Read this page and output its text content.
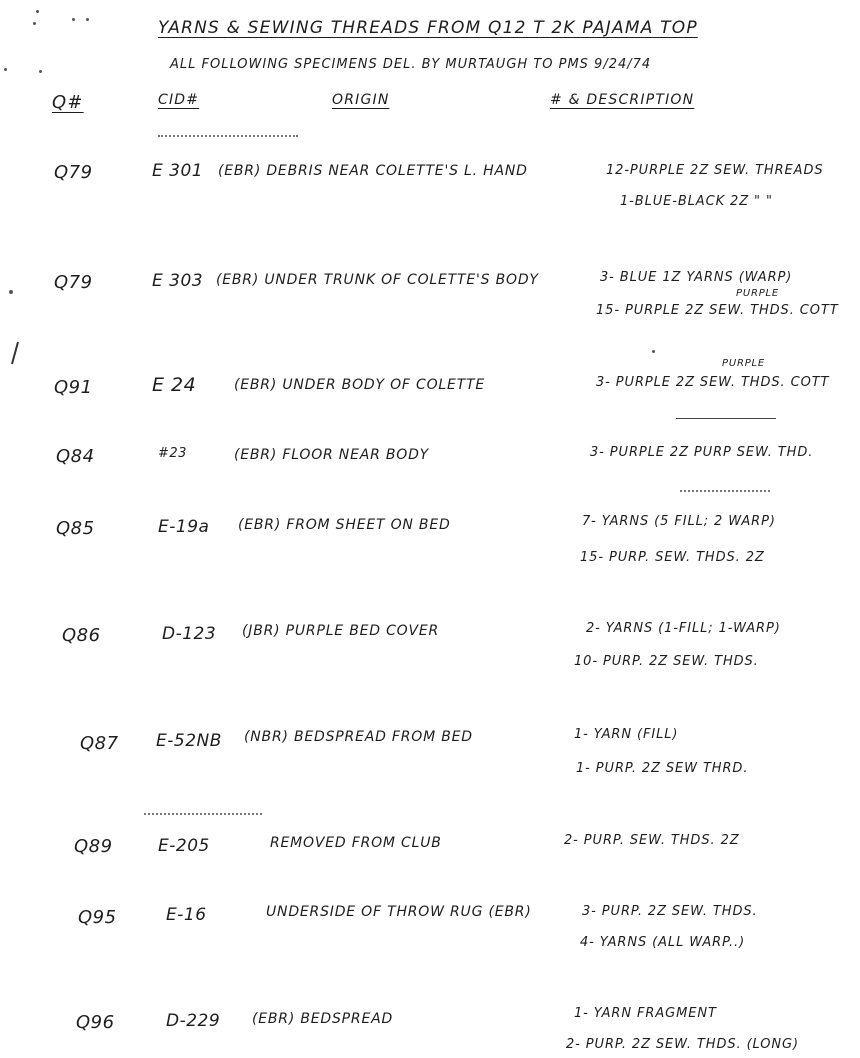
YARNS & SEWING THREADS FROM Q12 T 2K PAJAMA TOP
ALL FOLLOWING SPECIMENS DEL. BY MURTAUGH TO PMS 9/24/74
Q#	CID#	ORIGIN	# & DESCRIPTION
Q79	E 301 (EBR) DEBRIS NEAR COLETTE'S L. HAND	12-PURPLE 2Z SEW. THREADS
1-BLUE-BLACK 2Z " "
Q79	E 303 (EBR) UNDER TRUNK OF COLETTE'S BODY	3- BLUE 1Z YARNS (WARP)
PURPLE
15- PURPLE 2Z SEW. THDS. COTT
Q91	E 24	(EBR) UNDER BODY OF COLETTE
PURPLE
3- PURPLE 2Z SEW. THDS. COTT
Q84	#23	(EBR) FLOOR NEAR BODY	3- PURPLE 2Z PURP SEW. THD.
Q85	E-19a (EBR) FROM SHEET ON BED	7- YARNS (5 FILL; 2 WARP)
15- PURP. SEW. THDS. 2Z
Q86	D-123 (JBR) PURPLE BED COVER	2- YARNS (1-FILL; 1-WARP)
10- PURP. 2Z SEW. THDS.
Q87 E-52NB (NBR) BEDSPREAD FROM BED	1- YARN (FILL)
1- PURP. 2Z SEW THRD.
Q89	E-205	REMOVED FROM CLUB	2- PURP. SEW. THDS. 2Z
Q95	E-16	UNDERSIDE OF THROW RUG (EBR)	3- PURP. 2Z SEW. THDS.
4- YARNS (ALL WARP..)
Q96	D-229 (EBR) BEDSPREAD	1- YARN FRAGMENT
2- PURP. 2Z SEW. THDS. (LONG)
